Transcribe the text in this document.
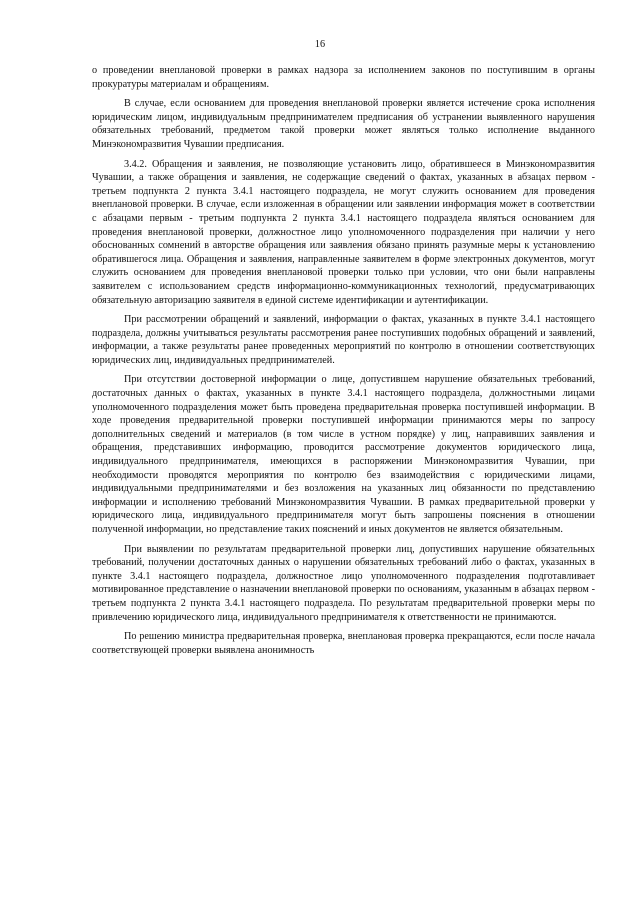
16

о проведении внеплановой проверки в рамках надзора за исполнением законов по поступившим в органы прокуратуры материалам и обращениям.

В случае, если основанием для проведения внеплановой проверки является истечение срока исполнения юридическим лицом, индивидуальным предпринимателем предписания об устранении выявленного нарушения обязательных требований, предметом такой проверки может являться только исполнение выданного Минэкономразвития Чувашии предписания.

3.4.2. Обращения и заявления, не позволяющие установить лицо, обратившееся в Минэкономразвития Чувашии, а также обращения и заявления, не содержащие сведений о фактах, указанных в абзацах первом - третьем подпункта 2 пункта 3.4.1 настоящего подраздела, не могут служить основанием для проведения внеплановой проверки. В случае, если изложенная в обращении или заявлении информация может в соответствии с абзацами первым - третьим подпункта 2 пункта 3.4.1 настоящего подраздела являться основанием для проведения внеплановой проверки, должностное лицо уполномоченного подразделения при наличии у него обоснованных сомнений в авторстве обращения или заявления обязано принять разумные меры к установлению обратившегося лица. Обращения и заявления, направленные заявителем в форме электронных документов, могут служить основанием для проведения внеплановой проверки только при условии, что они были направлены заявителем с использованием средств информационно-коммуникационных технологий, предусматривающих обязательную авторизацию заявителя в единой системе идентификации и аутентификации.

При рассмотрении обращений и заявлений, информации о фактах, указанных в пункте 3.4.1 настоящего подраздела, должны учитываться результаты рассмотрения ранее поступивших подобных обращений и заявлений, информации, а также результаты ранее проведенных мероприятий по контролю в отношении соответствующих юридических лиц, индивидуальных предпринимателей.

При отсутствии достоверной информации о лице, допустившем нарушение обязательных требований, достаточных данных о фактах, указанных в пункте 3.4.1 настоящего подраздела, должностными лицами уполномоченного подразделения может быть проведена предварительная проверка поступившей информации. В ходе проведения предварительной проверки поступившей информации принимаются меры по запросу дополнительных сведений и материалов (в том числе в устном порядке) у лиц, направивших заявления и обращения, представивших информацию, проводится рассмотрение документов юридического лица, индивидуального предпринимателя, имеющихся в распоряжении Минэкономразвития Чувашии, при необходимости проводятся мероприятия по контролю без взаимодействия с юридическими лицами, индивидуальными предпринимателями и без возложения на указанных лиц обязанности по представлению информации и исполнению требований Минэкономразвития Чувашии. В рамках предварительной проверки у юридического лица, индивидуального предпринимателя могут быть запрошены пояснения в отношении полученной информации, но представление таких пояснений и иных документов не является обязательным.

При выявлении по результатам предварительной проверки лиц, допустивших нарушение обязательных требований, получении достаточных данных о нарушении обязательных требований либо о фактах, указанных в пункте 3.4.1 настоящего подраздела, должностное лицо уполномоченного подразделения подготавливает мотивированное представление о назначении внеплановой проверки по основаниям, указанным в абзацах первом - третьем подпункта 2 пункта 3.4.1 настоящего подраздела. По результатам предварительной проверки меры по привлечению юридического лица, индивидуального предпринимателя к ответственности не принимаются.

По решению министра предварительная проверка, внеплановая проверка прекращаются, если после начала соответствующей проверки выявлена анонимность
